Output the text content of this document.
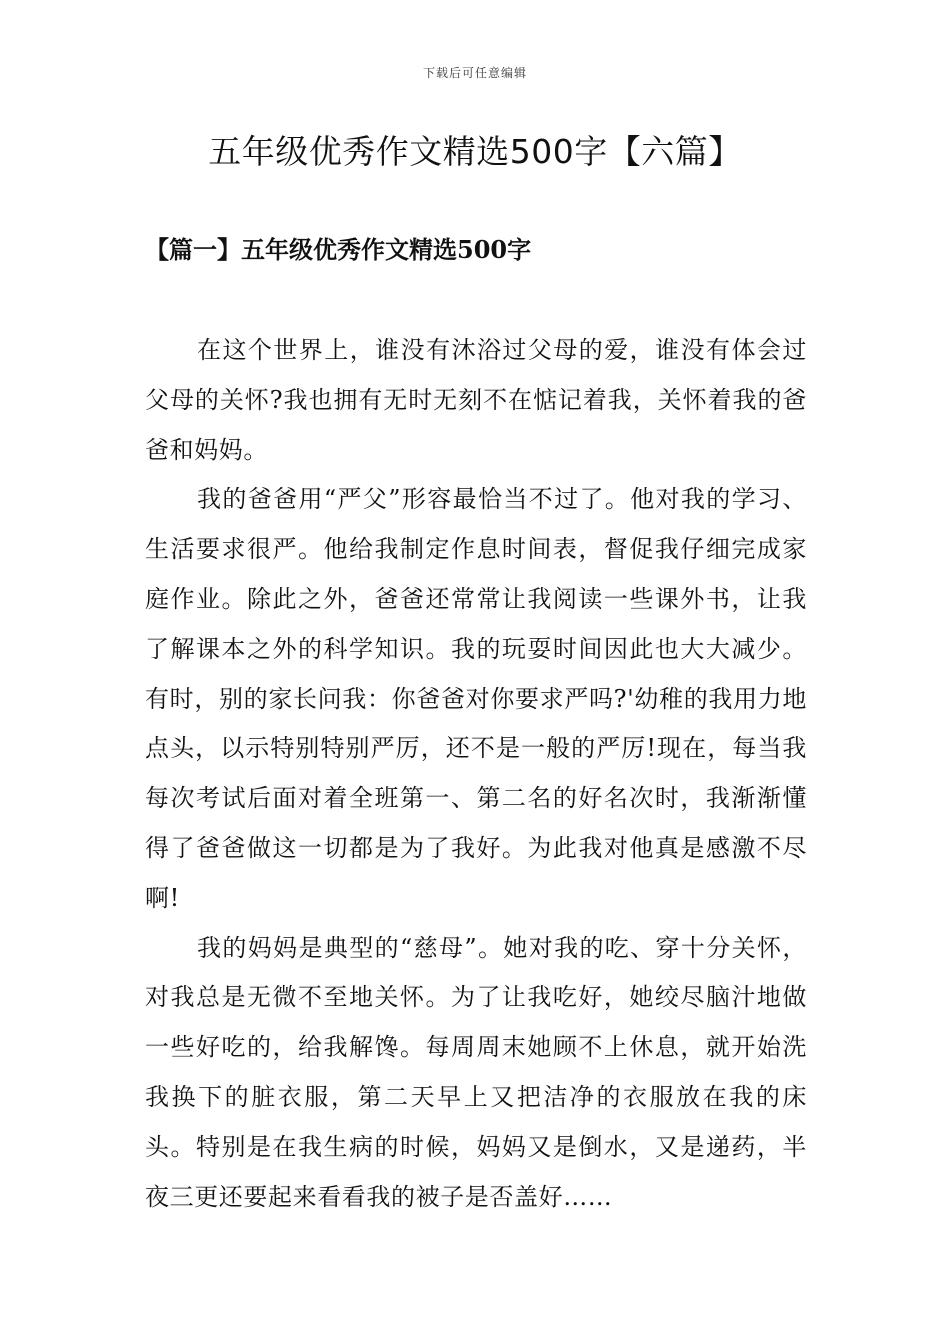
下载后可任意编辑
五年级优秀作文精选500字【六篇】
【篇一】五年级优秀作文精选500字

在这个世界上，谁没有沐浴过父母的爱，谁没有体会过父母的关怀?我也拥有无时无刻不在惦记着我，关怀着我的爸爸和妈妈。

我的爸爸用“严父”形容最恰当不过了。他对我的学习、生活要求很严。他给我制定作息时间表，督促我仔细完成家庭作业。除此之外，爸爸还常常让我阅读一些课外书，让我了解课本之外的科学知识。我的玩耍时间因此也大大减少。有时，别的家长问我：你爸爸对你要求严吗?'幼稚的我用力地点头，以示特别特别严厉，还不是一般的严厉!现在，每当我每次考试后面对着全班第一、第二名的好名次时，我渐渐懂得了爸爸做这一切都是为了我好。为此我对他真是感激不尽啊!

我的妈妈是典型的“慈母”。她对我的吃、穿十分关怀，对我总是无微不至地关怀。为了让我吃好，她绞尽脑汁地做一些好吃的，给我解馋。每周周末她顾不上休息，就开始洗我换下的脏衣服，第二天早上又把洁净的衣服放在我的床头。特别是在我生病的时候，妈妈又是倒水，又是递药，半夜三更还要起来看看我的被子是否盖好……
